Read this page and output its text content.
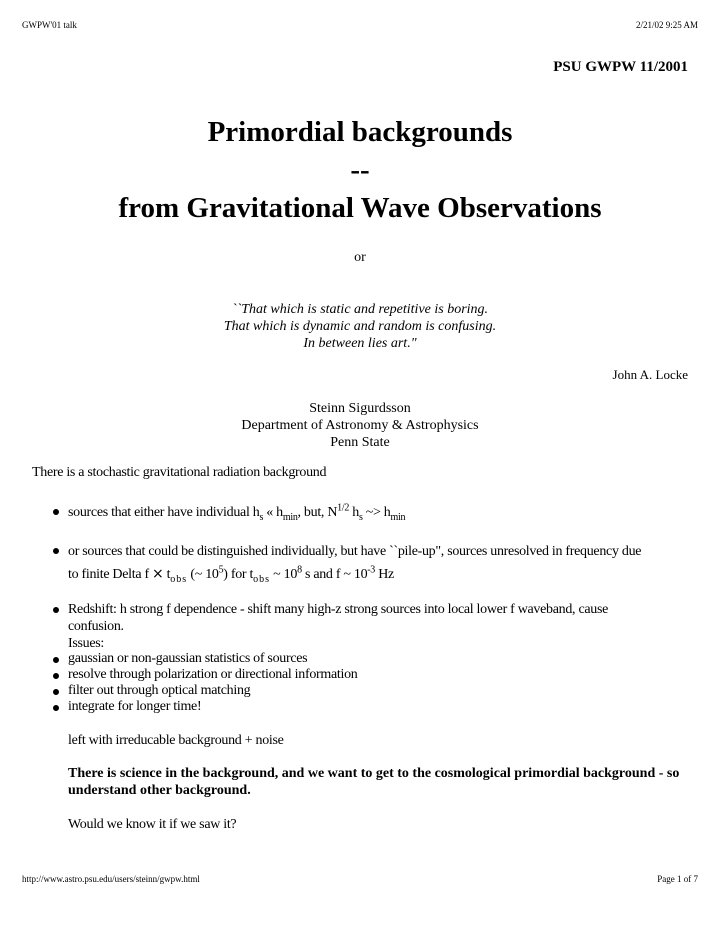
GWPW'01 talk	2/21/02 9:25 AM
PSU GWPW 11/2001
Primordial backgrounds
--
from Gravitational Wave Observations
or
``That which is static and repetitive is boring.
That which is dynamic and random is confusing.
In between lies art."
John A. Locke
Steinn Sigurdsson
Department of Astronomy & Astrophysics
Penn State
There is a stochastic gravitational radiation background
sources that either have individual $h_s$ « $h_{min}$, but, $N^{1/2}$ $h_s$ ~> $h_{min}$
or sources that could be distinguished individually, but have ``pile-up", sources unresolved in frequency due
to finite Delta $f \times t_{obs}$ (~ $10^5$) for $t_{obs}$ ~ $10^8$ s and f ~ $10^{-3}$ Hz
Redshift: h strong f dependence - shift many high-z strong sources into local lower f waveband, cause
confusion.
Issues:
gaussian or non-gaussian statistics of sources
resolve through polarization or directional information
filter out through optical matching
integrate for longer time!
left with irreducable background + noise
There is science in the background, and we want to get to the cosmological primordial background - so understand other background.
Would we know it if we saw it?
http://www.astro.psu.edu/users/steinn/gwpw.html	Page 1 of 7
